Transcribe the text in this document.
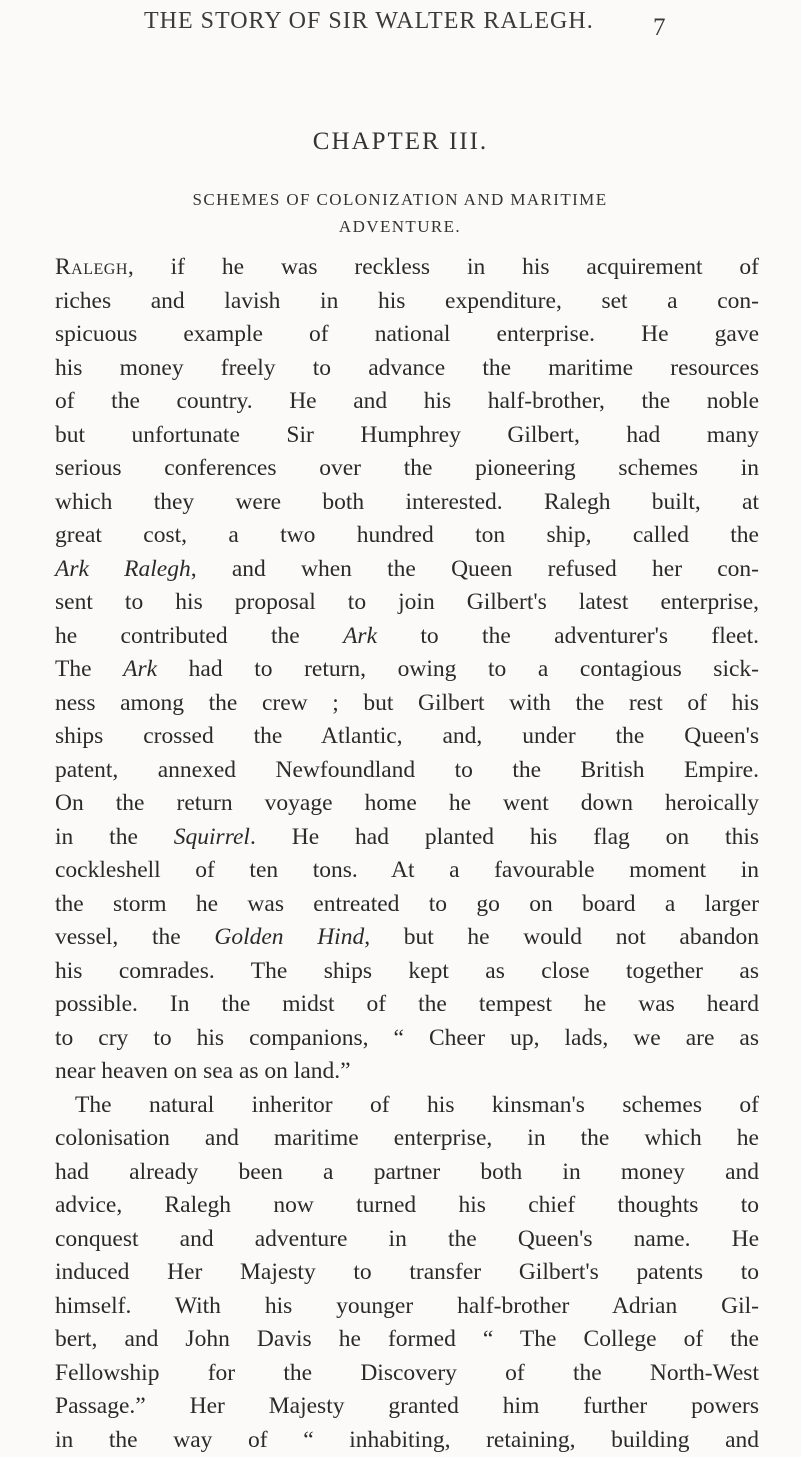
THE STORY OF SIR WALTER RALEGH. 7
CHAPTER III.
SCHEMES OF COLONIZATION AND MARITIME
ADVENTURE.
Ralegh, if he was reckless in his acquirement of
riches and lavish in his expenditure, set a con-
spicuous example of national enterprise. He gave
his money freely to advance the maritime resources
of the country. He and his half-brother, the noble
but unfortunate Sir Humphrey Gilbert, had many
serious conferences over the pioneering schemes in
which they were both interested. Ralegh built, at
great cost, a two hundred ton ship, called the
Ark Ralegh, and when the Queen refused her con-
sent to his proposal to join Gilbert's latest enterprise,
he contributed the Ark to the adventurer's fleet.
The Ark had to return, owing to a contagious sick-
ness among the crew ; but Gilbert with the rest of his
ships crossed the Atlantic, and, under the Queen's
patent, annexed Newfoundland to the British Empire.
On the return voyage home he went down heroically
in the Squirrel. He had planted his flag on this
cockleshell of ten tons. At a favourable moment in
the storm he was entreated to go on board a larger
vessel, the Golden Hind, but he would not abandon
his comrades. The ships kept as close together as
possible. In the midst of the tempest he was heard
to cry to his companions, “ Cheer up, lads, we are as
near heaven on sea as on land.”
The natural inheritor of his kinsman's schemes of
colonisation and maritime enterprise, in the which he
had already been a partner both in money and
advice, Ralegh now turned his chief thoughts to
conquest and adventure in the Queen's name. He
induced Her Majesty to transfer Gilbert's patents to
himself. With his younger half-brother Adrian Gil-
bert, and John Davis he formed “ The College of the
Fellowship for the Discovery of the North-West
Passage.” Her Majesty granted him further powers
in the way of “ inhabiting, retaining, building and
